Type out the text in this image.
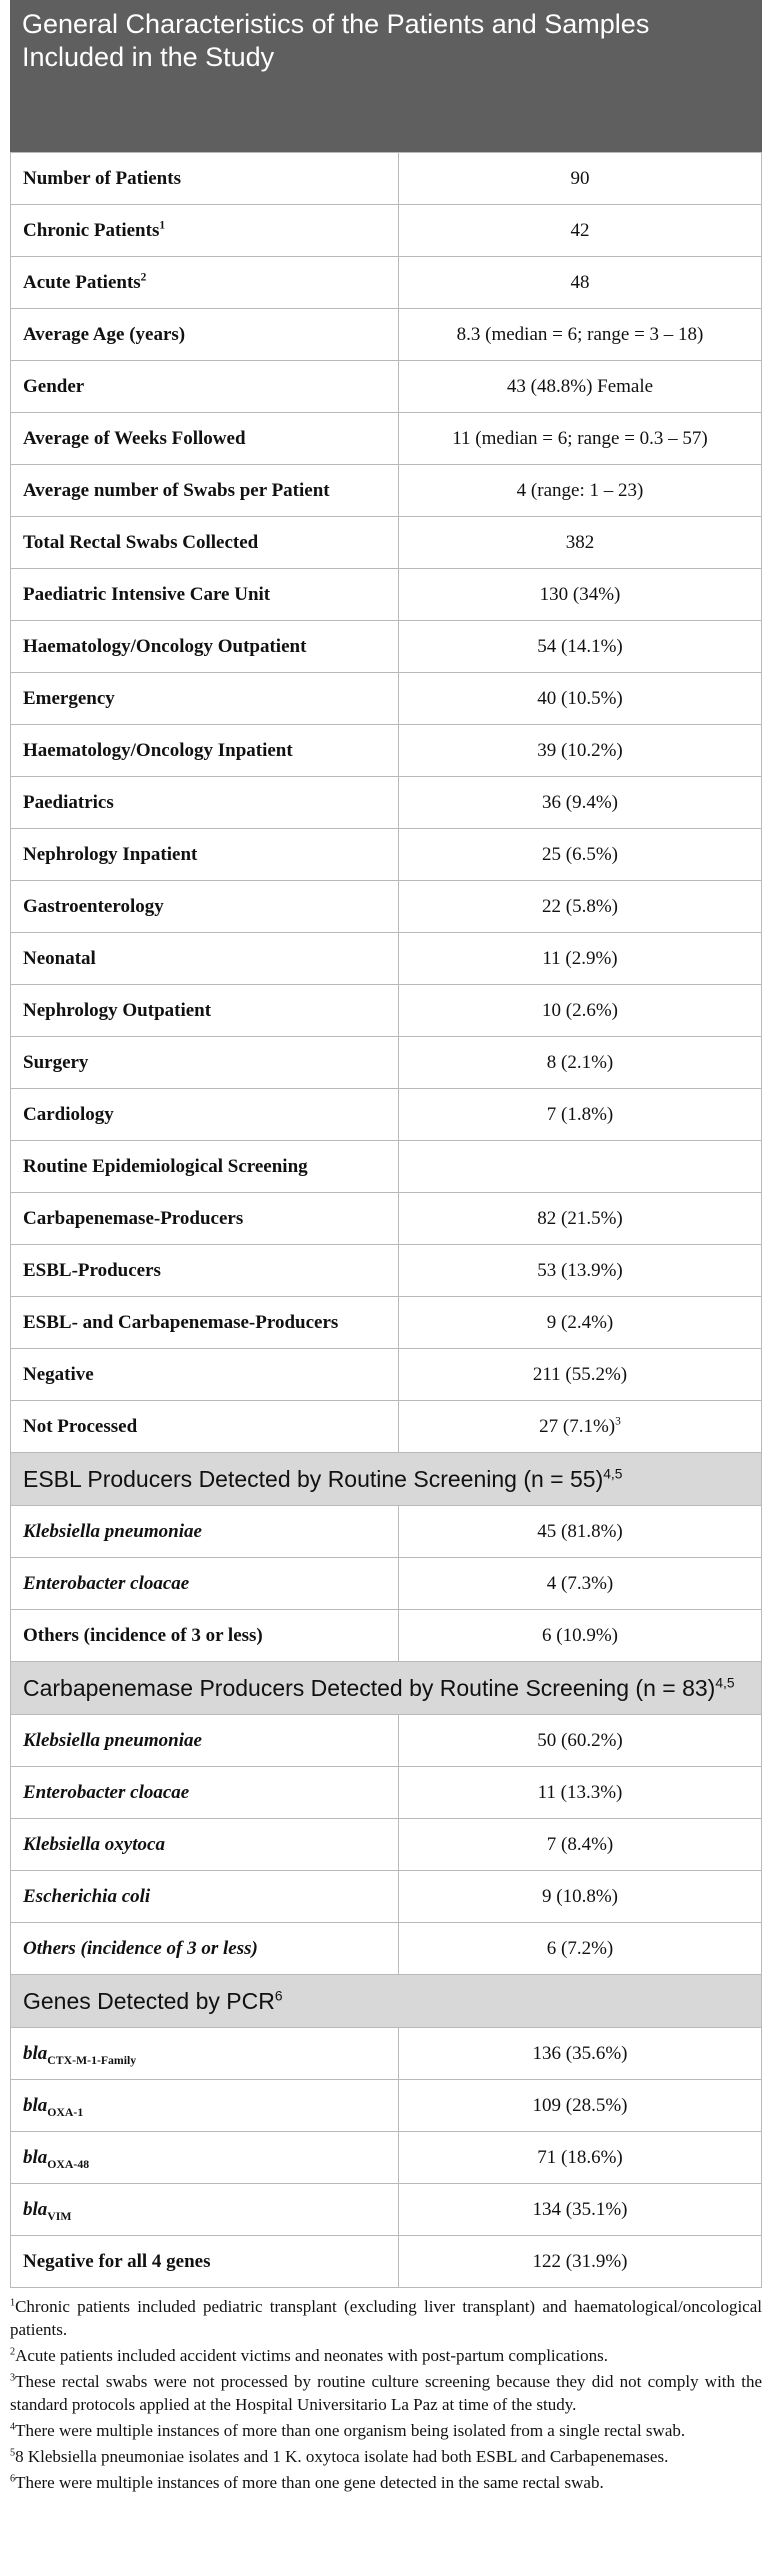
General Characteristics of the Patients and Samples Included in the Study
Number of Patients	90
Chronic Patients$^1$	42
Acute Patients$^2$	48
Average Age (years)	8.3 (median = 6; range = 3 – 18)
Gender	43 (48.8%) Female
Average of Weeks Followed	11 (median = 6; range = 0.3 – 57)
Average number of Swabs per Patient	4 (range: 1 – 23)
Total Rectal Swabs Collected	382
Paediatric Intensive Care Unit	130 (34%)
Haematology/Oncology Outpatient	54 (14.1%)
Emergency	40 (10.5%)
Haematology/Oncology Inpatient	39 (10.2%)
Paediatrics	36 (9.4%)
Nephrology Inpatient	25 (6.5%)
Gastroenterology	22 (5.8%)
Neonatal	11 (2.9%)
Nephrology Outpatient	10 (2.6%)
Surgery	8 (2.1%)
Cardiology	7 (1.8%)
Routine Epidemiological Screening	
Carbapenemase-Producers	82 (21.5%)
ESBL-Producers	53 (13.9%)
ESBL- and Carbapenemase-Producers	9 (2.4%)
Negative	211 (55.2%)
Not Processed	27 $(7.1\%)^3$
ESBL Producers Detected by Routine Screening (n = 55)$^{4,5}$
Klebsiella pneumoniae	45 (81.8%)
Enterobacter cloacae	4 (7.3%)
Others (incidence of 3 or less)	6 (10.9%)
Carbapenemase Producers Detected by Routine Screening (n = 83)$^{4,5}$
Klebsiella pneumoniae	50 (60.2%)
Enterobacter cloacae	11 (13.3%)
Klebsiella oxytoca	7 (8.4%)
Escherichia coli	9 (10.8%)
Others (incidence of 3 or less)	6 (7.2%)
Genes Detected by PCR$^6$
bla$_{CTX-M-1-Family}$	136 (35.6%)
bla$_{OXA-1}$	109 (28.5%)
bla$_{OXA-48}$	71 (18.6%)
bla$_{VIM}$	134 (35.1%)
Negative for all 4 genes	122 (31.9%)
$^1$Chronic patients included pediatric transplant (excluding liver transplant) and haematological/oncological patients.
$^2$Acute patients included accident victims and neonates with post-partum complications.
$^3$These rectal swabs were not processed by routine culture screening because they did not comply with the standard protocols applied at the Hospital Universitario La Paz at time of the study.
$^4$There were multiple instances of more than one organism being isolated from a single rectal swab.
$^5$8 Klebsiella pneumoniae isolates and 1 K. oxytoca isolate had both ESBL and Carbapenemases.
$^6$There were multiple instances of more than one gene detected in the same rectal swab.
